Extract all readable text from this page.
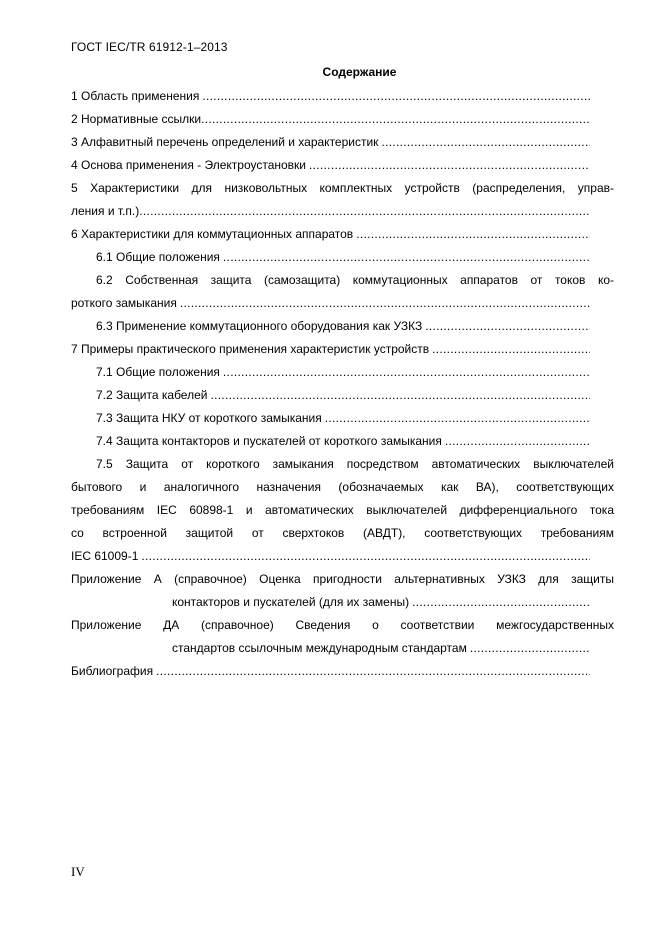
ГОСТ IEC/TR 61912-1–2013
Содержание
1 Область применения
.....
2 Нормативные ссылки
.....
3 Алфавитный перечень определений и характеристик
.....
4 Основа применения - Электроустановки
.....
5 Характеристики для низковольтных комплектных устройств (распределения, управ-
ления и т.п.)
.....
6 Характеристики для коммутационных аппаратов
.....
6.1 Общие положения
.....
6.2 Собственная защита (самозащита) коммутационных аппаратов от токов ко-
роткого замыкания
.....
6.3 Применение коммутационного оборудования как УЗКЗ
.....
7 Примеры практического применения характеристик устройств
.....
7.1 Общие положения
.....
7.2 Защита кабелей
.....
7.3 Защита НКУ от короткого замыкания
.....
7.4 Защита контакторов и пускателей от короткого замыкания
.....
7.5 Защита от короткого замыкания посредством автоматических выключателей
бытового и аналогичного назначения (обозначаемых как ВА), соответствующих
требованиям IEC 60898-1 и автоматических выключателей дифференциального тока
со встроенной защитой от сверхтоков (АВДТ), соответствующих требованиям
IEC 61009-1
.....
Приложение А (справочное) Оценка пригодности альтернативных УЗКЗ для защиты
контакторов и пускателей (для их замены)
.....
Приложение ДА (справочное) Сведения о соответствии межгосударственных
стандартов ссылочным международным стандартам
.....
Библиография
.....
IV
